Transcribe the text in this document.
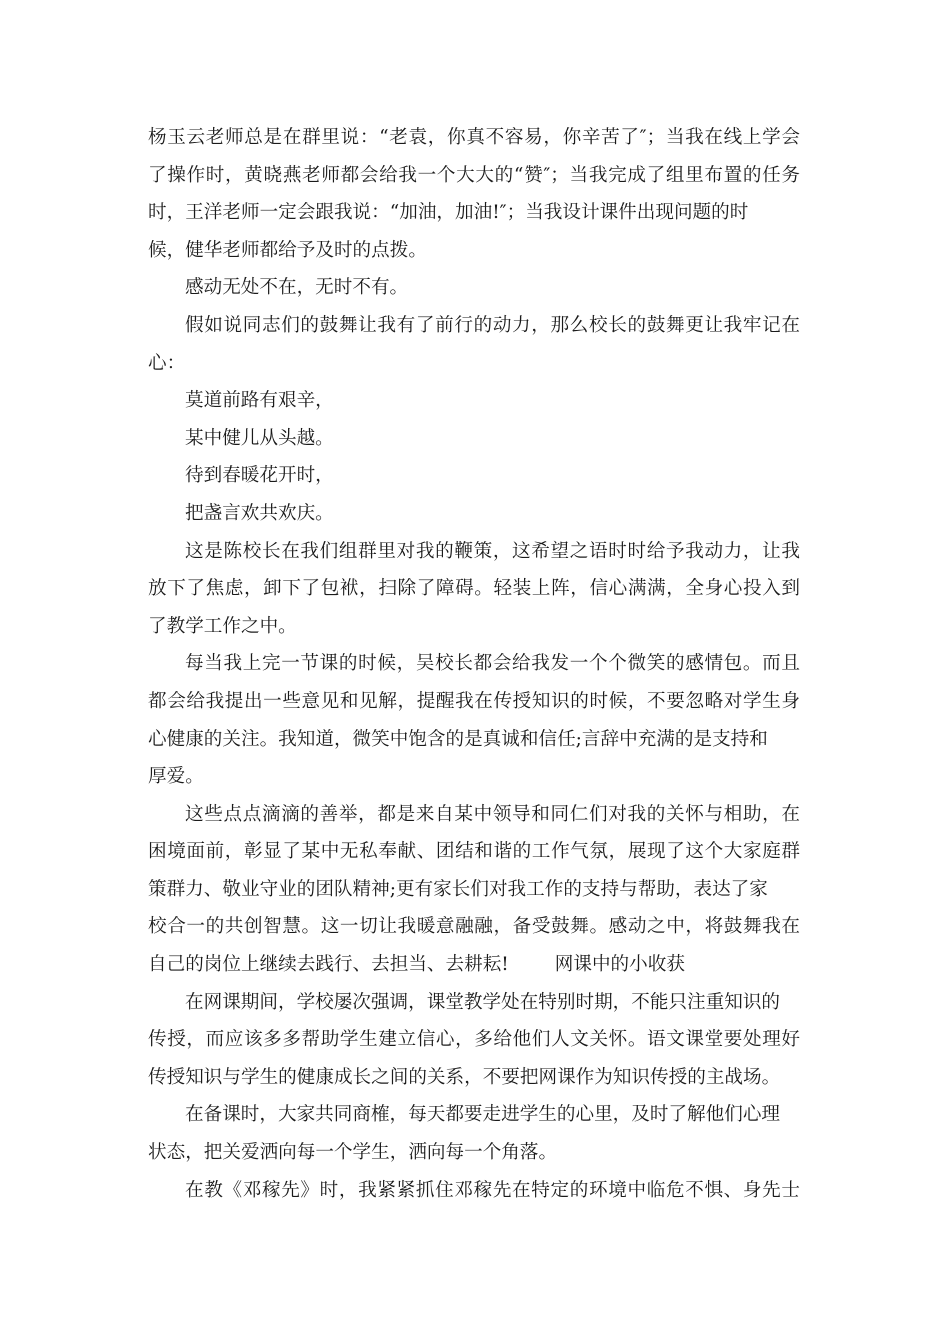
杨玉云老师总是在群里说：“老袁，你真不容易，你辛苦了″；当我在线上学会
了操作时，黄晓燕老师都会给我一个大大的“赞″；当我完成了组里布置的任务
时，王洋老师一定会跟我说：“加油，加油!″；当我设计课件出现问题的时
候，健华老师都给予及时的点拨。
感动无处不在，无时不有。
假如说同志们的鼓舞让我有了前行的动力，那么校长的鼓舞更让我牢记在
心：
莫道前路有艰辛，
某中健儿从头越。
待到春暖花开时，
把盏言欢共欢庆。
这是陈校长在我们组群里对我的鞭策，这希望之语时时给予我动力，让我
放下了焦虑，卸下了包袱，扫除了障碍。轻装上阵，信心满满，全身心投入到
了教学工作之中。
每当我上完一节课的时候，吴校长都会给我发一个个微笑的感情包。而且
都会给我提出一些意见和见解，提醒我在传授知识的时候，不要忽略对学生身
心健康的关注。我知道，微笑中饱含的是真诚和信任;言辞中充满的是支持和
厚爱。
这些点点滴滴的善举，都是来自某中领导和同仁们对我的关怀与相助，在
困境面前，彰显了某中无私奉献、团结和谐的工作气氛，展现了这个大家庭群
策群力、敬业守业的团队精神;更有家长们对我工作的支持与帮助，表达了家
校合一的共创智慧。这一切让我暖意融融，备受鼓舞。感动之中，将鼓舞我在
自己的岗位上继续去践行、去担当、去耕耘! 网课中的小收获
在网课期间，学校屡次强调，课堂教学处在特别时期，不能只注重知识的
传授，而应该多多帮助学生建立信心，多给他们人文关怀。语文课堂要处理好
传授知识与学生的健康成长之间的关系，不要把网课作为知识传授的主战场。
在备课时，大家共同商榷，每天都要走进学生的心里，及时了解他们心理
状态，把关爱洒向每一个学生，洒向每一个角落。
在教《邓稼先》时，我紧紧抓住邓稼先在特定的环境中临危不惧、身先士
